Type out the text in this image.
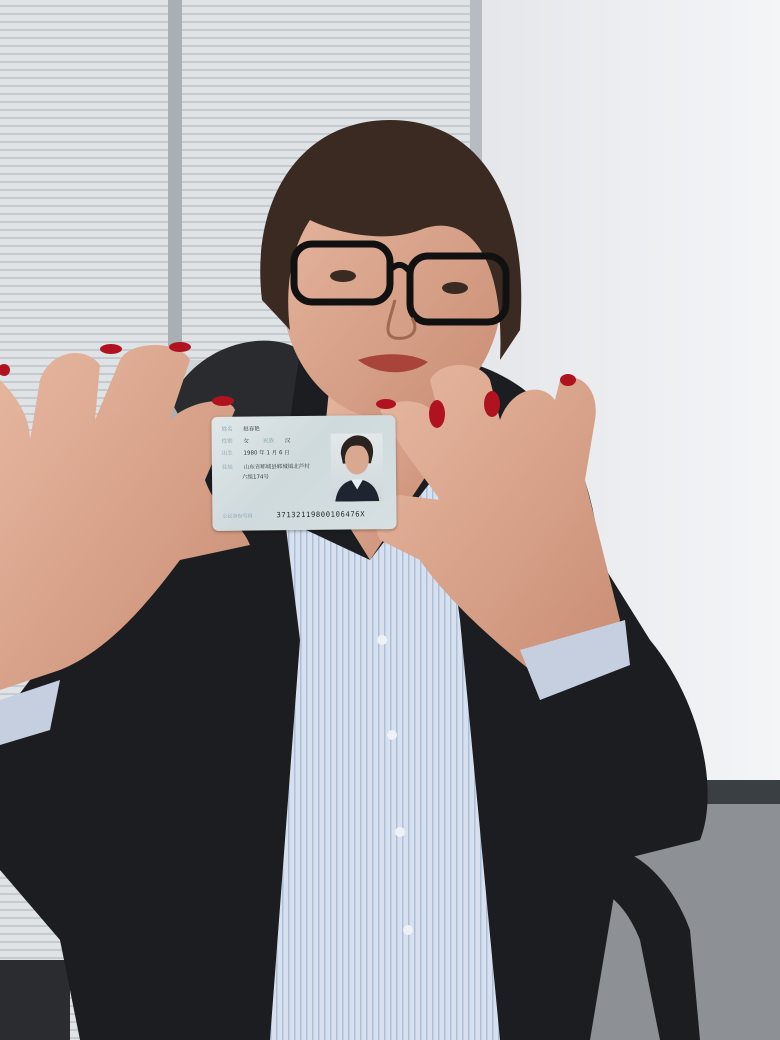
姓名 赵春艳
性别 女	民族 汉
出生 1980 年 1 月 6 日
住址 山东省郓城县郓城镇北芦村
六组174号
公民身份号码	37132119800106476X
